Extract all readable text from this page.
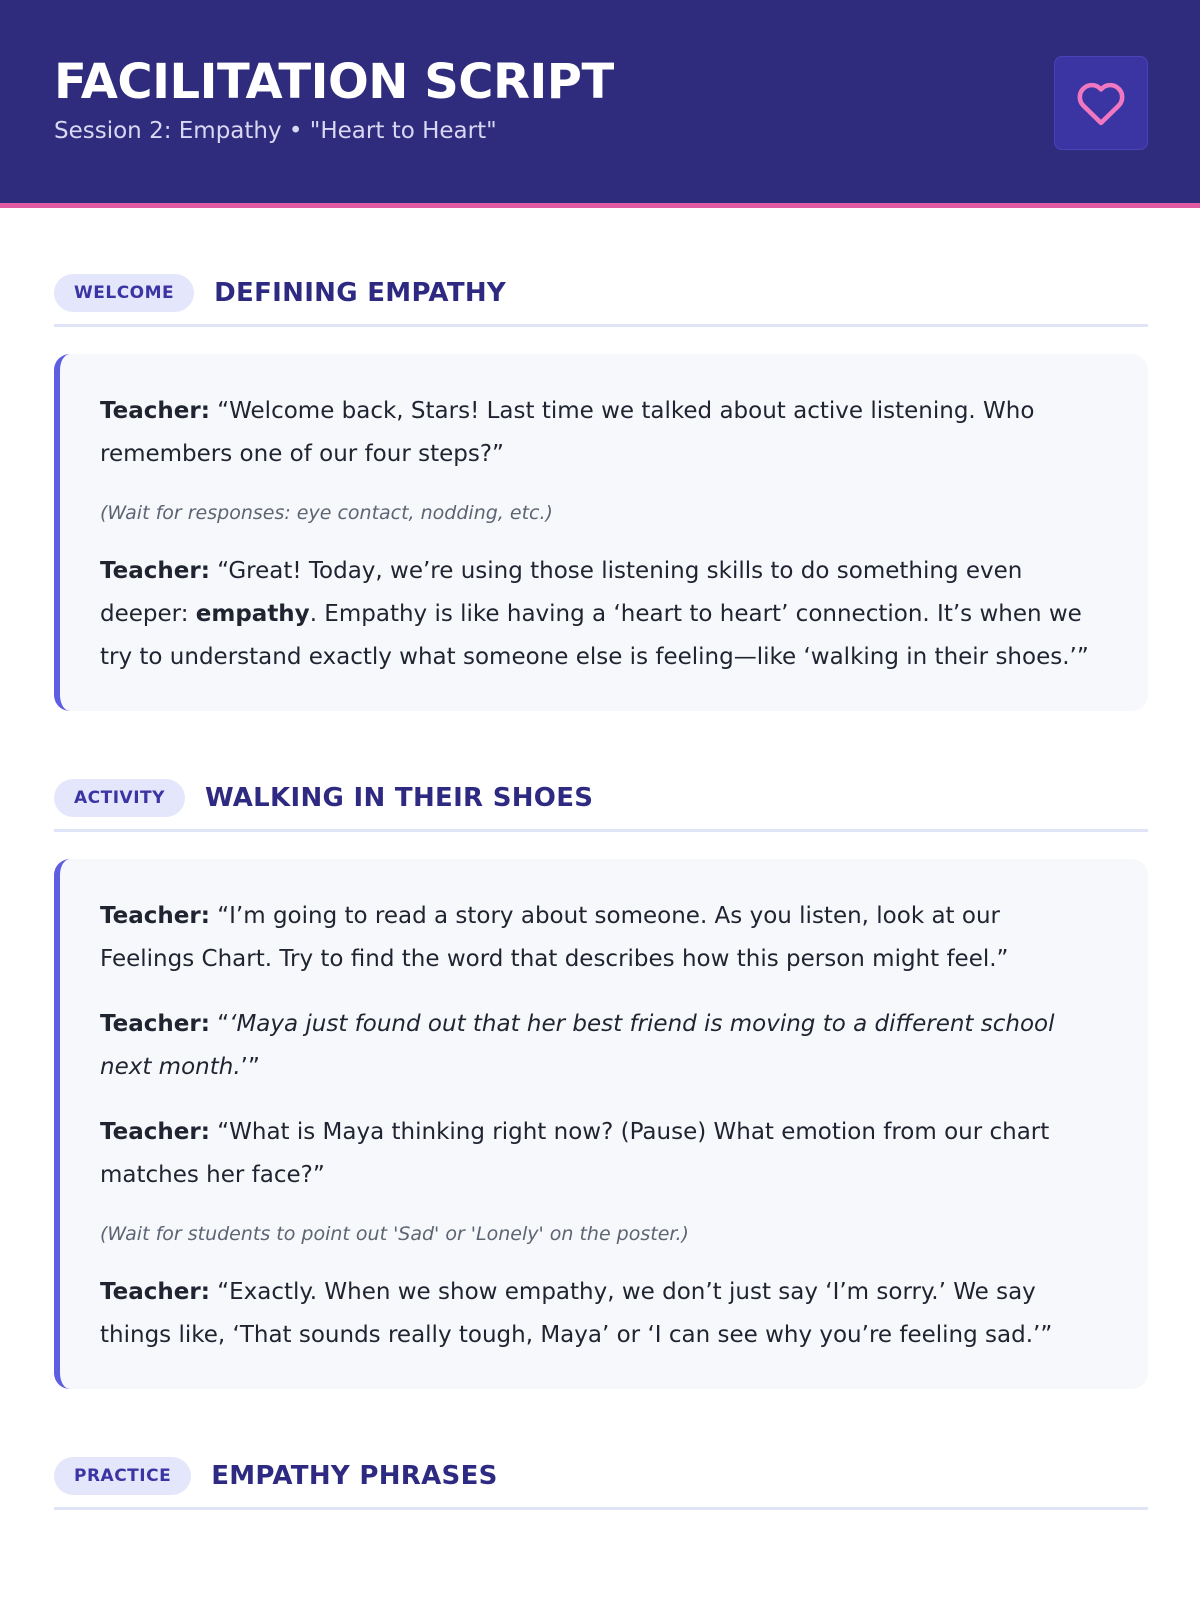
FACILITATION SCRIPT

Session 2: Empathy • "Heart to Heart"

WELCOME	DEFINING EMPATHY

Teacher: “Welcome back, Stars! Last time we talked about active listening. Who remembers one of our four steps?”

(Wait for responses: eye contact, nodding, etc.)

Teacher: “Great! Today, we’re using those listening skills to do something even deeper: empathy. Empathy is like having a ‘heart to heart’ connection. It’s when we try to understand exactly what someone else is feeling—like ‘walking in their shoes.’”

ACTIVITY	WALKING IN THEIR SHOES

Teacher: “I’m going to read a story about someone. As you listen, look at our Feelings Chart. Try to find the word that describes how this person might feel.”

Teacher: “‘Maya just found out that her best friend is moving to a different school next month.’”

Teacher: “What is Maya thinking right now? (Pause) What emotion from our chart matches her face?”

(Wait for students to point out 'Sad' or 'Lonely' on the poster.)

Teacher: “Exactly. When we show empathy, we don’t just say ‘I’m sorry.’ We say things like, ‘That sounds really tough, Maya’ or ‘I can see why you’re feeling sad.’”

PRACTICE	EMPATHY PHRASES
